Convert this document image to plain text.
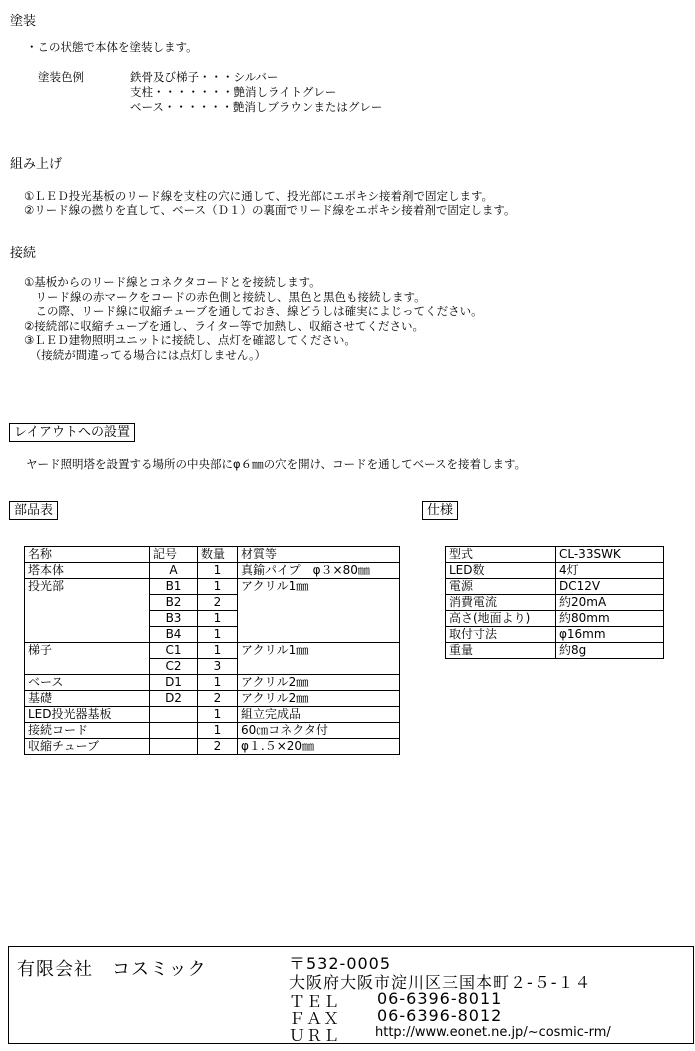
塗装
・この状態で本体を塗装します。
塗装色例	鉄骨及び梯子・・・シルバー
支柱・・・・・・・艶消しライトグレー
ベース・・・・・・艶消しブラウンまたはグレー
組み上げ
①ＬＥＤ投光基板のリード線を支柱の穴に通して、投光部にエポキシ接着剤で固定します。
②リード線の撚りを直して、ベース（Ｄ１）の裏面でリード線をエポキシ接着剤で固定します。
接続
①基板からのリード線とコネクタコードとを接続します。
　リード線の赤マークをコードの赤色側と接続し、黒色と黒色も接続します。
　この際、リード線に収縮チューブを通しておき、線どうしは確実によじってください。
②接続部に収縮チューブを通し、ライター等で加熱し、収縮させてください。
③ＬＥＤ建物照明ユニットに接続し、点灯を確認してください。
　（接続が間違ってる場合には点灯しません。）
レイアウトへの設置
ヤード照明塔を設置する場所の中央部にφ６㎜の穴を開け、コードを通してベースを接着します。
部品表
名称	記号	数量	材質等
塔本体	A	1	真鍮パイプ　φ３×80㎜
投光部	B1	1	アクリル1㎜
	B2	2	
	B3	1	
	B4	1	
梯子	C1	1	アクリル1㎜
	C2	3	
ベース	D1	1	アクリル2㎜
基礎	D2	2	アクリル2㎜
LED投光器基板		1	組立完成品
接続コード		1	60㎝コネクタ付
収縮チューブ		2	φ１.５×20㎜
仕様
型式	CL-33SWK
LED数	4灯
電源	DC12V
消費電流	約20mA
高さ(地面より)	約80mm
取付寸法	φ16mm
重量	約8g
有限会社　コスミック	〒532-0005
大阪府大阪市淀川区三国本町２-５-１４
ＴＥＬ 06-6396-8011
ＦＡＸ 06-6396-8012
ＵＲＬ	http://www.eonet.ne.jp/~cosmic-rm/
